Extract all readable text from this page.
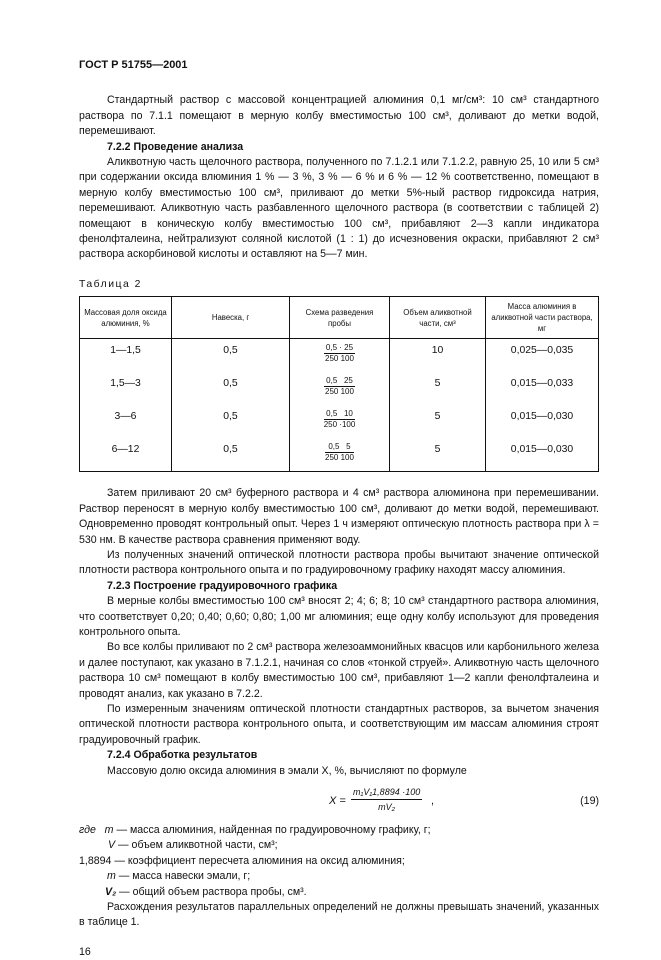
ГОСТ Р 51755—2001

Стандартный раствор с массовой концентрацией алюминия 0,1 мг/см³: 10 см³ стандартного раствора по 7.1.1 помещают в мерную колбу вместимостью 100 см³, доливают до метки водой, перемешивают.

7.2.2 Проведение анализа

Аликвотную часть щелочного раствора, полученного по 7.1.2.1 или 7.1.2.2, равную 25, 10 или 5 см³ при содержании оксида влюминия 1 % — 3 %, 3 % — 6 % и 6 % — 12 % соответственно, помещают в мерную колбу вместимостью 100 см³, приливают до метки 5%-ный раствор гидроксида натрия, перемешивают. Аликвотную часть разбавленного щелочного раствора (в соответствии с таблицей 2) помещают в коническую колбу вместимостью 100 см³, прибавляют 2—3 капли индикатора фенолфталеина, нейтрализуют соляной кислотой (1 : 1) до исчезновения окраски, прибавляют 2 см³ раствора аскорбиновой кислоты и оставляют на 5—7 мин.

Таблица 2
Массовая доля оксида алюминия, %	Навеска, г	Схема разведения пробы	Объем аликвотной части, см³	Масса алюминия в аликвотной части раствора, мг
1—1,5	0,5	$\frac{0,5 \cdot 25}{250 100}$	10	0,025—0,035
1,5—3	0,5	$\frac{0,5 25}{250 100}$	5	0,015—0,033
3—6	0,5	$\frac{0,5 10}{250 \cdot 100}$	5	0,015—0,030
6—12	0,5	$\frac{0,5 5}{250 100}$	5	0,015—0,030

Затем приливают 20 см³ буферного раствора и 4 см³ раствора алюминона при перемешивании. Раствор переносят в мерную колбу вместимостью 100 см³, доливают до метки водой, перемешивают. Одновременно проводят контрольный опыт. Через 1 ч измеряют оптическую плотность раствора при λ = 530 нм. В качестве раствора сравнения применяют воду.

Из полученных значений оптической плотности раствора пробы вычитают значение оптической плотности раствора контрольного опыта и по градуировочному графику находят массу алюминия.

7.2.3 Построение градуировочного графика

В мерные колбы вместимостью 100 см³ вносят 2; 4; 6; 8; 10 см³ стандартного раствора алюминия, что соответствует 0,20; 0,40; 0,60; 0,80; 1,00 мг алюминия; еще одну колбу используют для проведения контрольного опыта.

Во все колбы приливают по 2 см³ раствора железоаммонийных квасцов или карбонильного железа и далее поступают, как указано в 7.1.2.1, начиная со слов «тонкой струей». Аликвотную часть щелочного раствора 10 см³ помещают в колбу вместимостью 100 см³, прибавляют 1—2 капли фенолфталеина и проводят анализ, как указано в 7.2.2.

По измеренным значениям оптической плотности стандартных растворов, за вычетом значения оптической плотности раствора контрольного опыта, и соответствующим им массам алюминия строят градуировочный график.

7.2.4 Обработка результатов

Массовую долю оксида алюминия в эмали X, %, вычисляют по формуле

$X = \frac{\text{m₁V₁1,8894 ·100}}{\text{mV₂}}$ ,	(19)
где   m — масса алюминия, найденная по градуировочному графику, г;
V — объем аликвотной части, см³;
1,8894 — коэффициент пересчета алюминия на оксид алюминия;
m — масса навески эмали, г;
V₂ — общий объем раствора пробы, см³.

Расхождения результатов параллельных определений не должны превышать значений, указанных в таблице 1.

16
